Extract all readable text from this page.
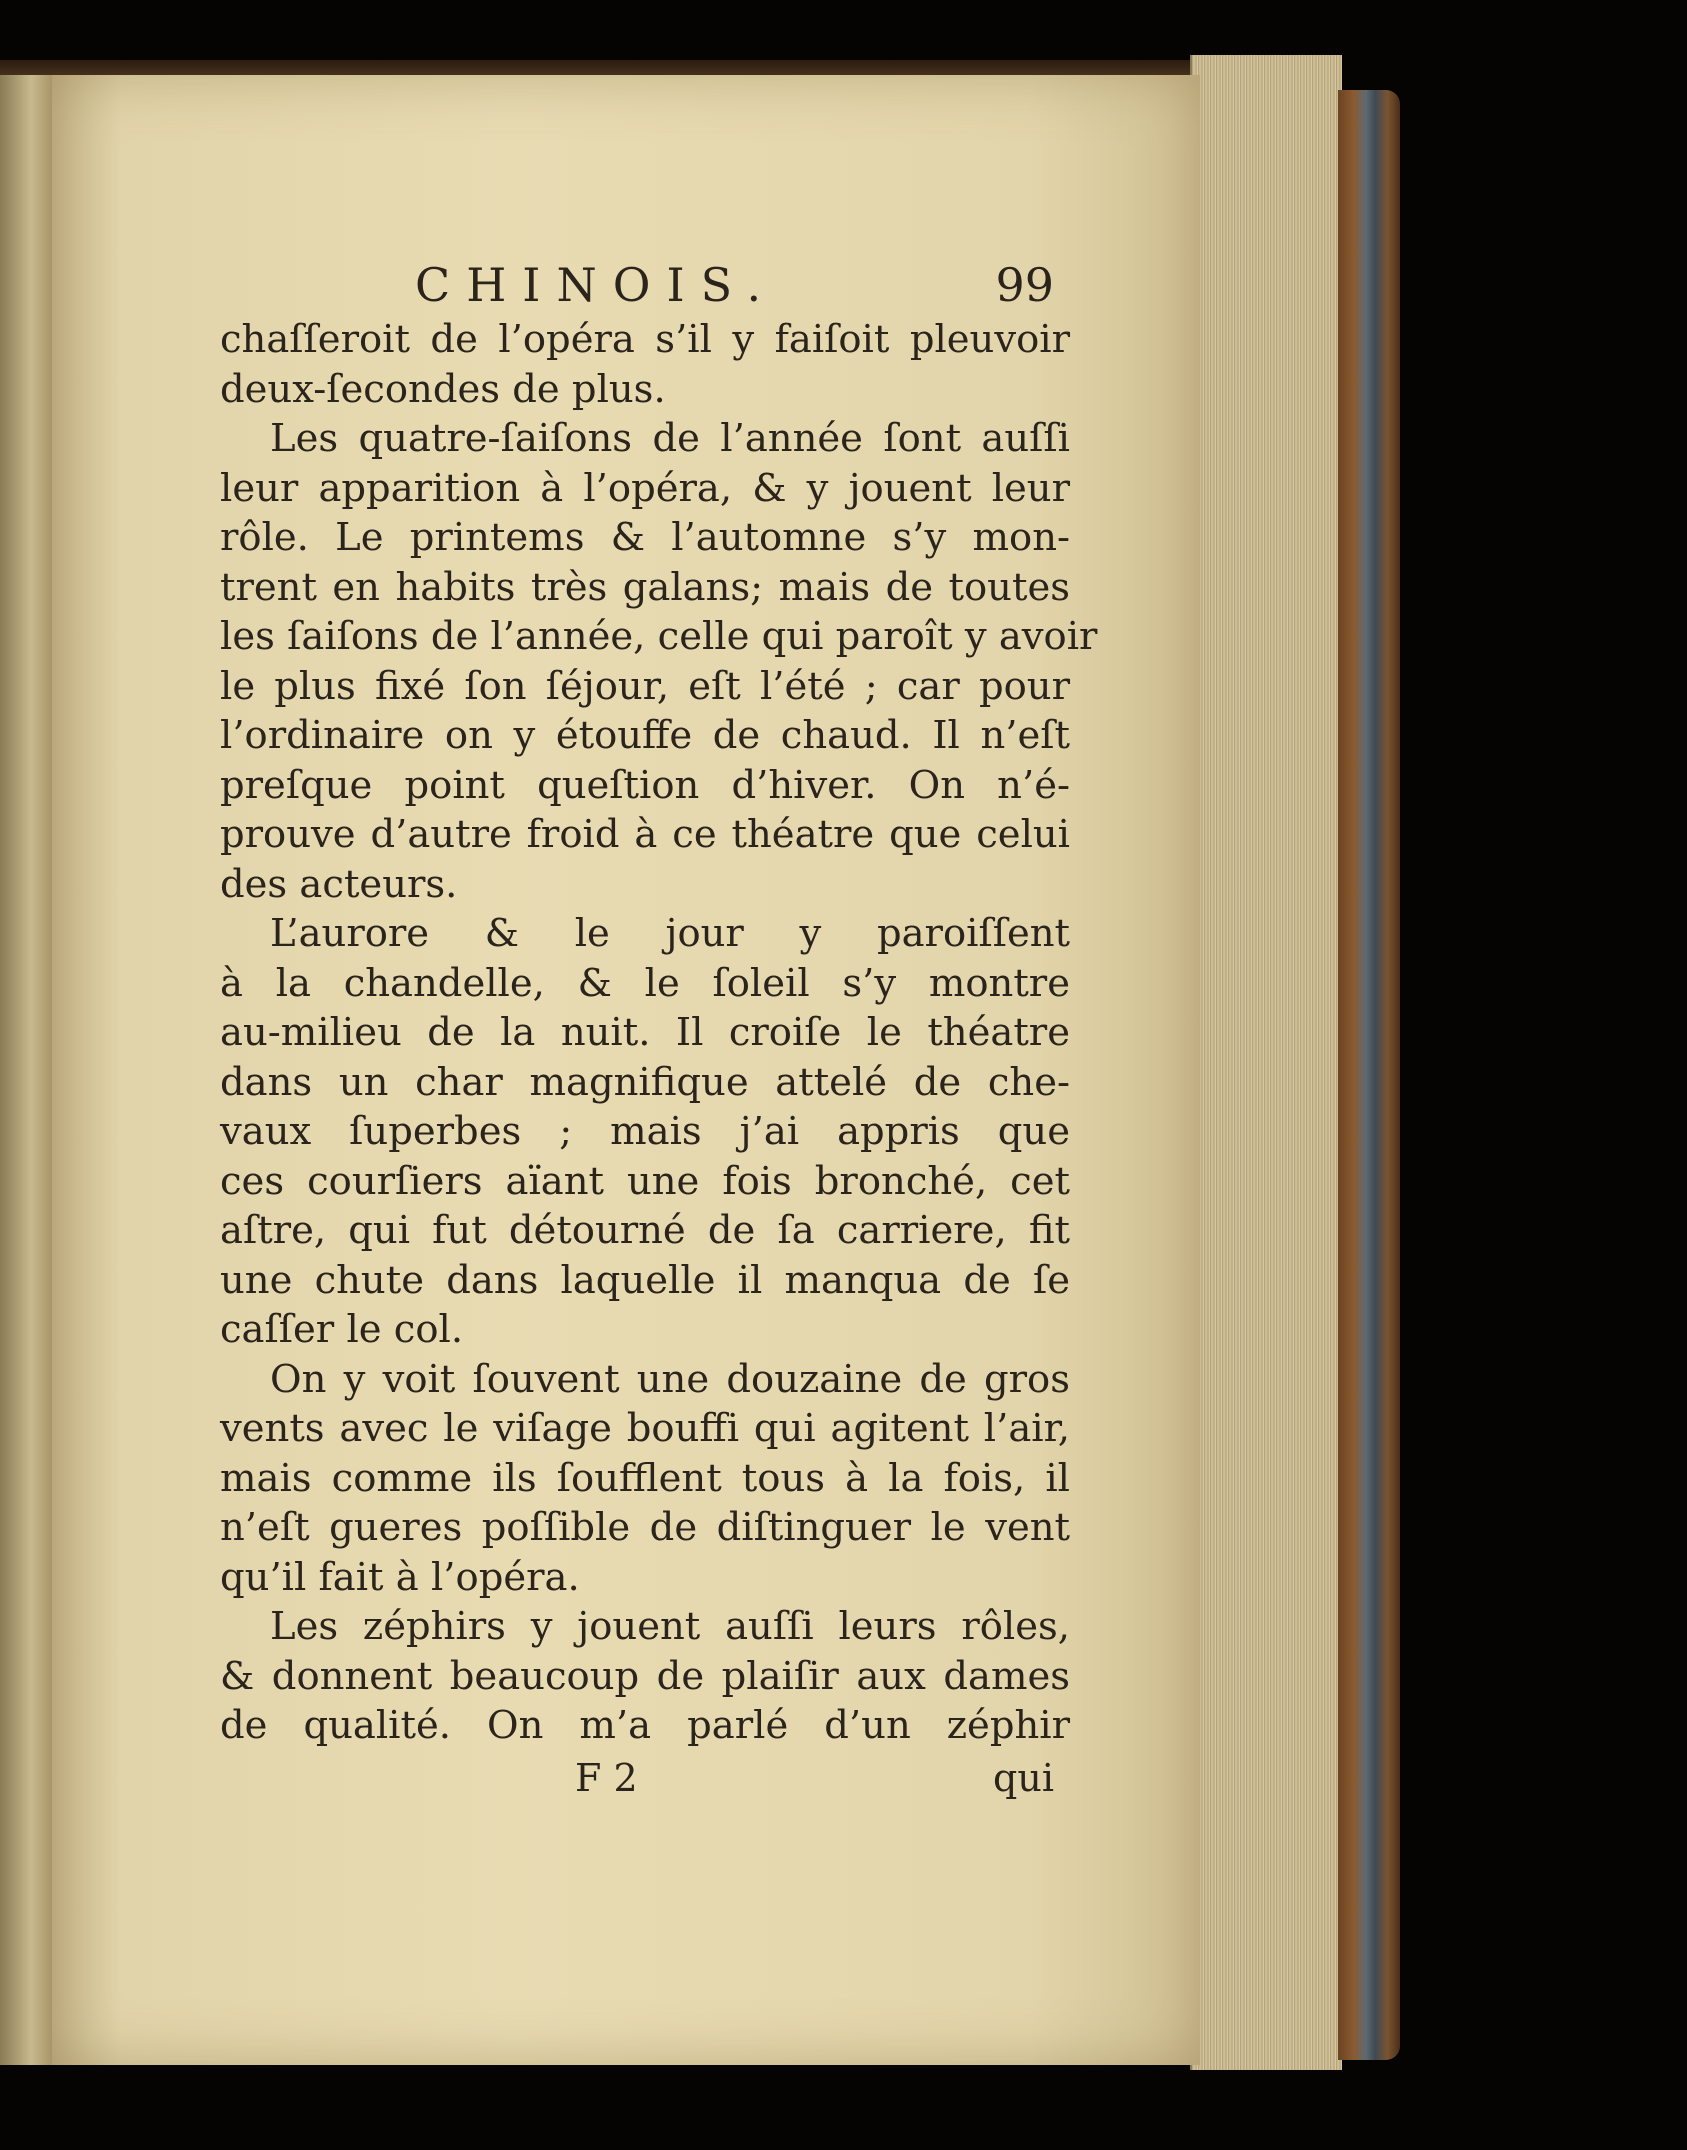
CHINOIS.	99
chaſſeroit de l’opéra s’il y faiſoit pleuvoir
deux-ſecondes de plus.
Les quatre-ſaiſons de l’année ſont auſſi
leur apparition à l’opéra, & y jouent leur
rôle. Le printems & l’automne s’y mon-
trent en habits très galans; mais de toutes
les ſaiſons de l’année, celle qui paroît y avoir
le plus fixé ſon ſéjour, eſt l’été ; car pour
l’ordinaire on y étouffe de chaud. Il n’eſt
preſque point queſtion d’hiver. On n’é-
prouve d’autre froid à ce théatre que celui
des acteurs.
L’aurore & le jour y paroiſſent
à la chandelle, & le ſoleil s’y montre
au-milieu de la nuit. Il croiſe le théatre
dans un char magnifique attelé de che-
vaux ſuperbes ; mais j’ai appris que
ces courſiers aïant une fois bronché, cet
aſtre, qui fut détourné de ſa carriere, fit
une chute dans laquelle il manqua de ſe
caſſer le col.
On y voit ſouvent une douzaine de gros
vents avec le viſage bouffi qui agitent l’air,
mais comme ils ſoufflent tous à la fois, il
n’eſt gueres poſſible de diſtinguer le vent
qu’il fait à l’opéra.
Les zéphirs y jouent auſſi leurs rôles,
& donnent beaucoup de plaiſir aux dames
de qualité. On m’a parlé d’un zéphir
F 2	qui
